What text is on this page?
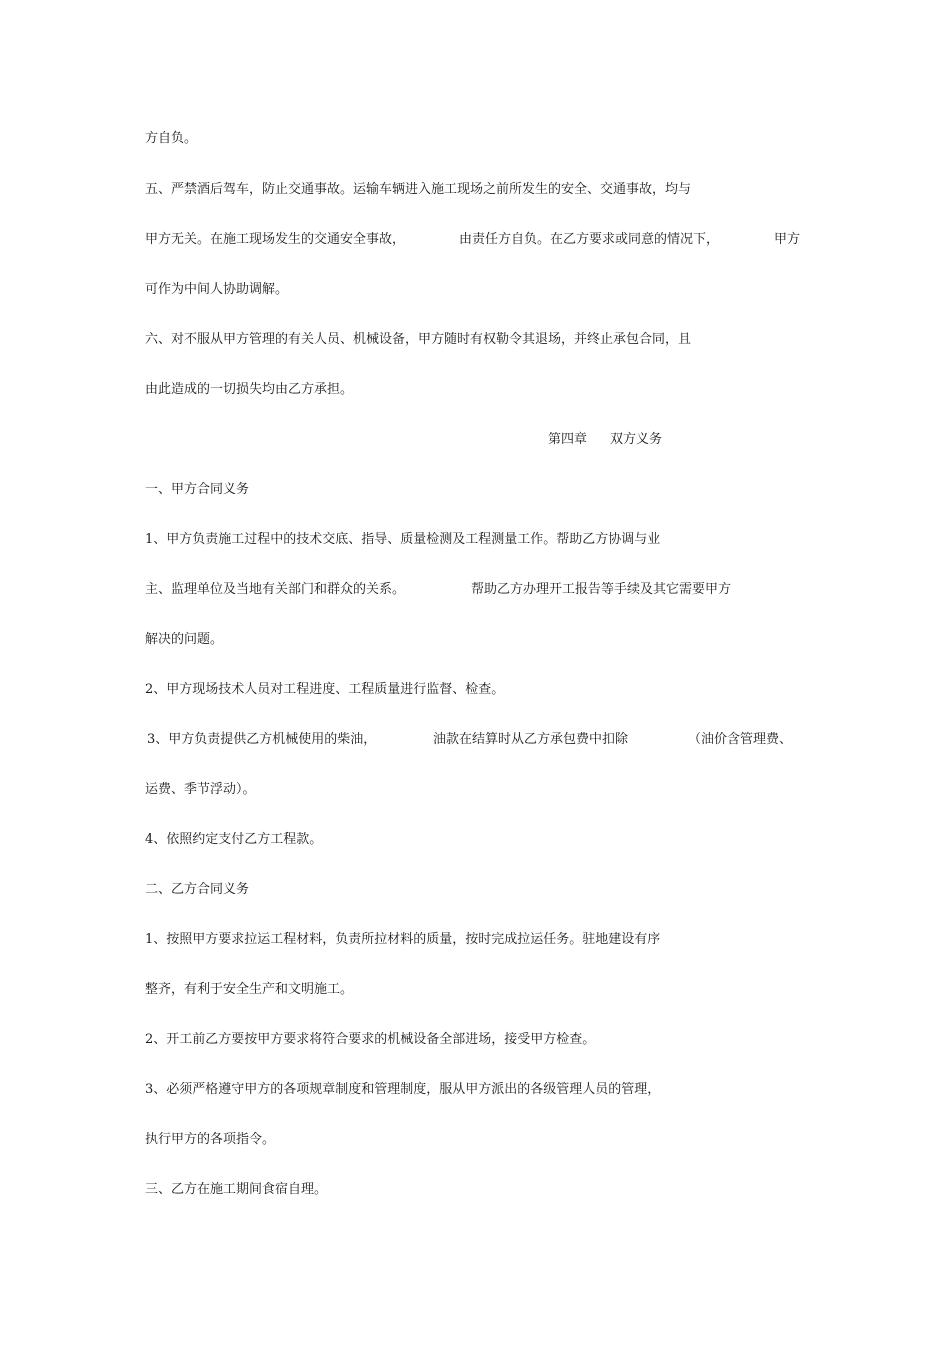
方自负。
五、严禁酒后驾车，防止交通事故。运输车辆进入施工现场之前所发生的安全、交通事故，均与
甲方无关。在施工现场发生的交通安全事故，	由责任方自负。在乙方要求或同意的情况下，	甲方
可作为中间人协助调解。
六、对不服从甲方管理的有关人员、机械设备，甲方随时有权勒令其退场，并终止承包合同，且
由此造成的一切损失均由乙方承担。
第四章 双方义务
一、甲方合同义务
1、甲方负责施工过程中的技术交底、指导、质量检测及工程测量工作。帮助乙方协调与业
主、监理单位及当地有关部门和群众的关系。	帮助乙方办理开工报告等手续及其它需要甲方
解决的问题。
2、甲方现场技术人员对工程进度、工程质量进行监督、检查。
3、甲方负责提供乙方机械使用的柴油，	油款在结算时从乙方承包费中扣除	（油价含管理费、
运费、季节浮动）。
4、依照约定支付乙方工程款。
二、乙方合同义务
1、按照甲方要求拉运工程材料，负责所拉材料的质量，按时完成拉运任务。驻地建设有序
整齐，有利于安全生产和文明施工。
2、开工前乙方要按甲方要求将符合要求的机械设备全部进场，接受甲方检查。
3、必须严格遵守甲方的各项规章制度和管理制度，服从甲方派出的各级管理人员的管理，
执行甲方的各项指令。
三、乙方在施工期间食宿自理。
